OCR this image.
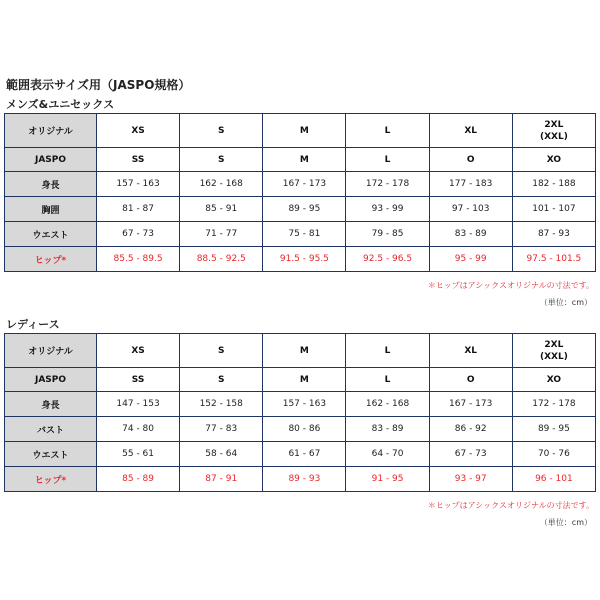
範囲表示サイズ用（JASPO規格）
メンズ&ユニセックス
オリジナル	XS	S	M	L	XL	2XL
(XXL)
JASPO	SS	S	M	L	O	XO
身長	157 - 163	162 - 168	167 - 173	172 - 178	177 - 183	182 - 188
胸囲	81 - 87	85 - 91	89 - 95	93 - 99	97 - 103	101 - 107
ウエスト	67 - 73	71 - 77	75 - 81	79 - 85	83 - 89	87 - 93
ヒップ*	85.5 - 89.5	88.5 - 92.5	91.5 - 95.5	92.5 - 96.5	95 - 99	97.5 - 101.5
＊ヒップはアシックスオリジナルの寸法です。
（単位：cm）
レディース
オリジナル	XS	S	M	L	XL	2XL
(XXL)
JASPO	SS	S	M	L	O	XO
身長	147 - 153	152 - 158	157 - 163	162 - 168	167 - 173	172 - 178
バスト	74 - 80	77 - 83	80 - 86	83 - 89	86 - 92	89 - 95
ウエスト	55 - 61	58 - 64	61 - 67	64 - 70	67 - 73	70 - 76
ヒップ*	85 - 89	87 - 91	89 - 93	91 - 95	93 - 97	96 - 101
＊ヒップはアシックスオリジナルの寸法です。
（単位：cm）
